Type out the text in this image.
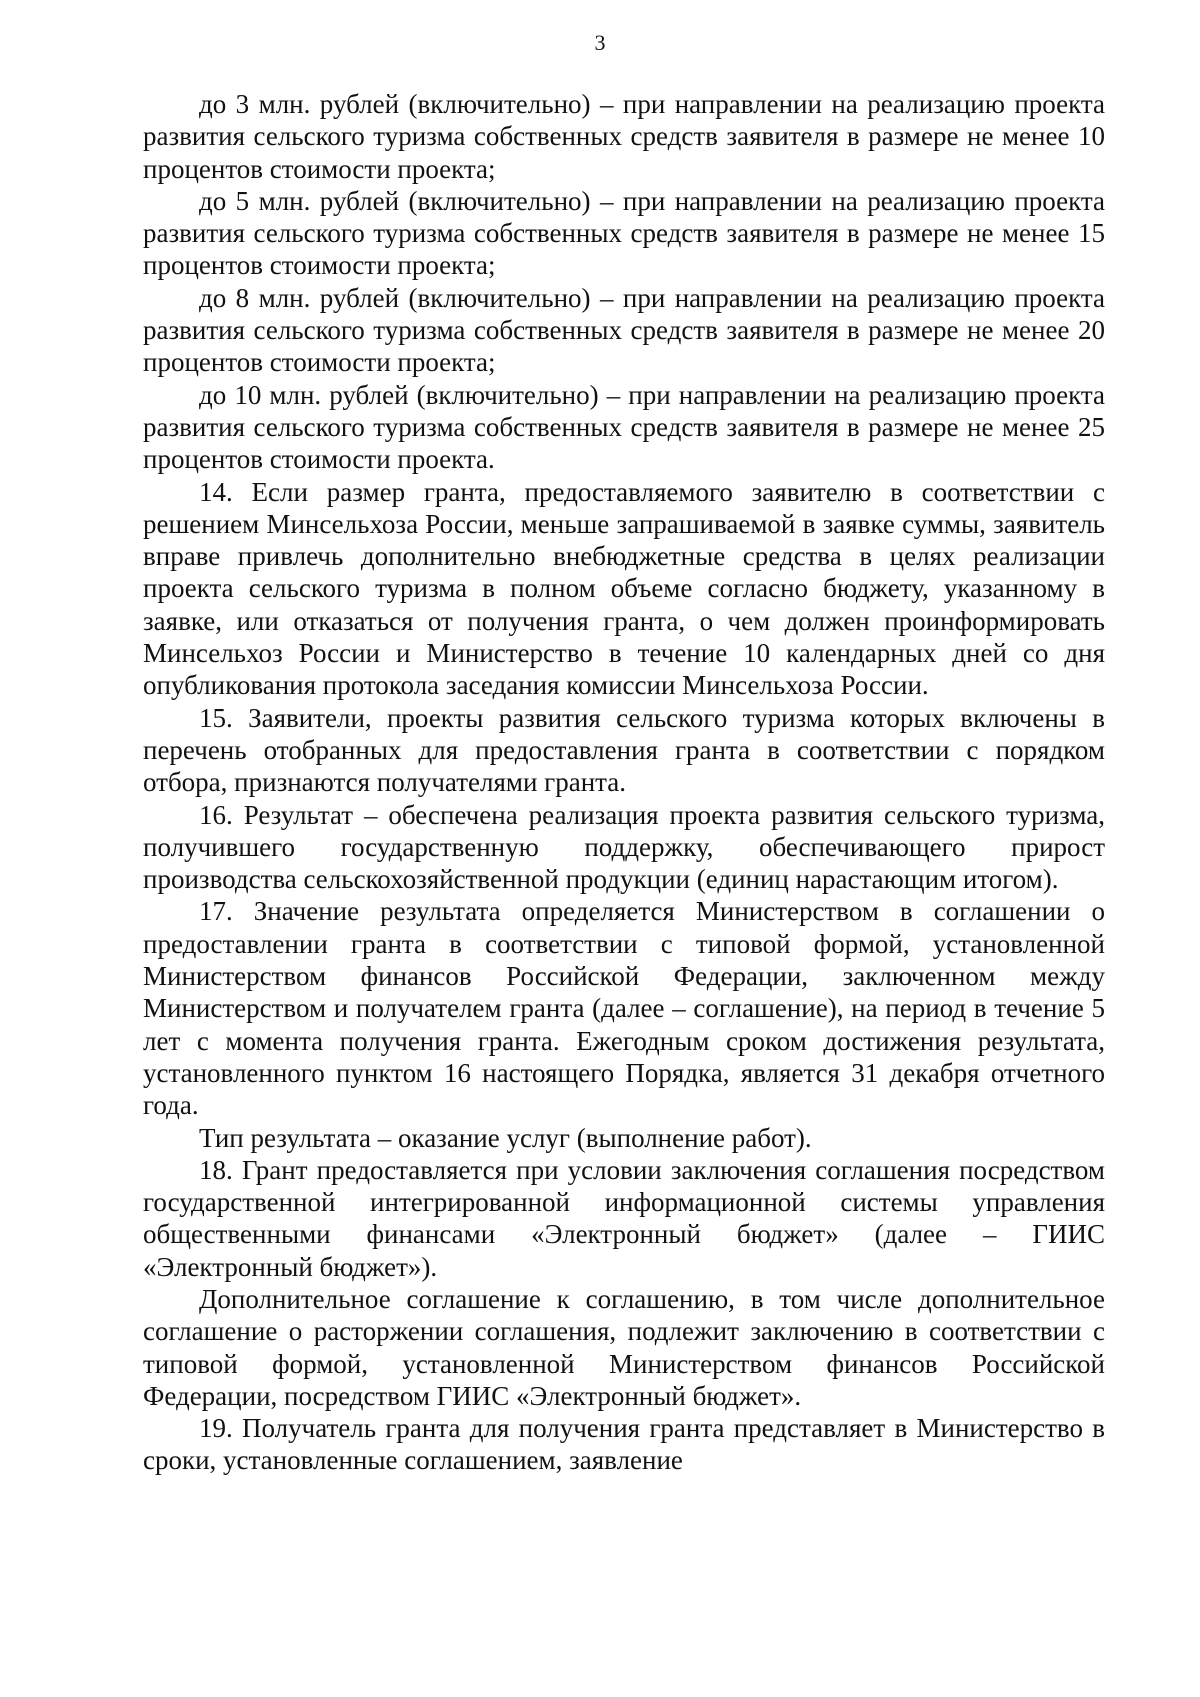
3

до 3 млн. рублей (включительно) – при направлении на реализацию проекта развития сельского туризма собственных средств заявителя в размере не менее 10 процентов стоимости проекта;

до 5 млн. рублей (включительно) – при направлении на реализацию проекта развития сельского туризма собственных средств заявителя в размере не менее 15 процентов стоимости проекта;

до 8 млн. рублей (включительно) – при направлении на реализацию проекта развития сельского туризма собственных средств заявителя в размере не менее 20 процентов стоимости проекта;

до 10 млн. рублей (включительно) – при направлении на реализацию проекта развития сельского туризма собственных средств заявителя в размере не менее 25 процентов стоимости проекта.

14. Если размер гранта, предоставляемого заявителю в соответствии с решением Минсельхоза России, меньше запрашиваемой в заявке суммы, заявитель вправе привлечь дополнительно внебюджетные средства в целях реализации проекта сельского туризма в полном объеме согласно бюджету, указанному в заявке, или отказаться от получения гранта, о чем должен проинформировать Минсельхоз России и Министерство в течение 10 календарных дней со дня опубликования протокола заседания комиссии Минсельхоза России.

15. Заявители, проекты развития сельского туризма которых включены в перечень отобранных для предоставления гранта в соответствии с порядком отбора, признаются получателями гранта.

16. Результат – обеспечена реализация проекта развития сельского туризма, получившего государственную поддержку, обеспечивающего прирост производства сельскохозяйственной продукции (единиц нарастающим итогом).

17. Значение результата определяется Министерством в соглашении о предоставлении гранта в соответствии с типовой формой, установленной Министерством финансов Российской Федерации, заключенном между Министерством и получателем гранта (далее – соглашение), на период в течение 5 лет с момента получения гранта. Ежегодным сроком достижения результата, установленного пунктом 16 настоящего Порядка, является 31 декабря отчетного года.

Тип результата – оказание услуг (выполнение работ).

18. Грант предоставляется при условии заключения соглашения посредством государственной интегрированной информационной системы управления общественными финансами «Электронный бюджет» (далее – ГИИС «Электронный бюджет»).

Дополнительное соглашение к соглашению, в том числе дополнительное соглашение о расторжении соглашения, подлежит заключению в соответствии с типовой формой, установленной Министерством финансов Российской Федерации, посредством ГИИС «Электронный бюджет».

19. Получатель гранта для получения гранта представляет в Министерство в сроки, установленные соглашением, заявление
